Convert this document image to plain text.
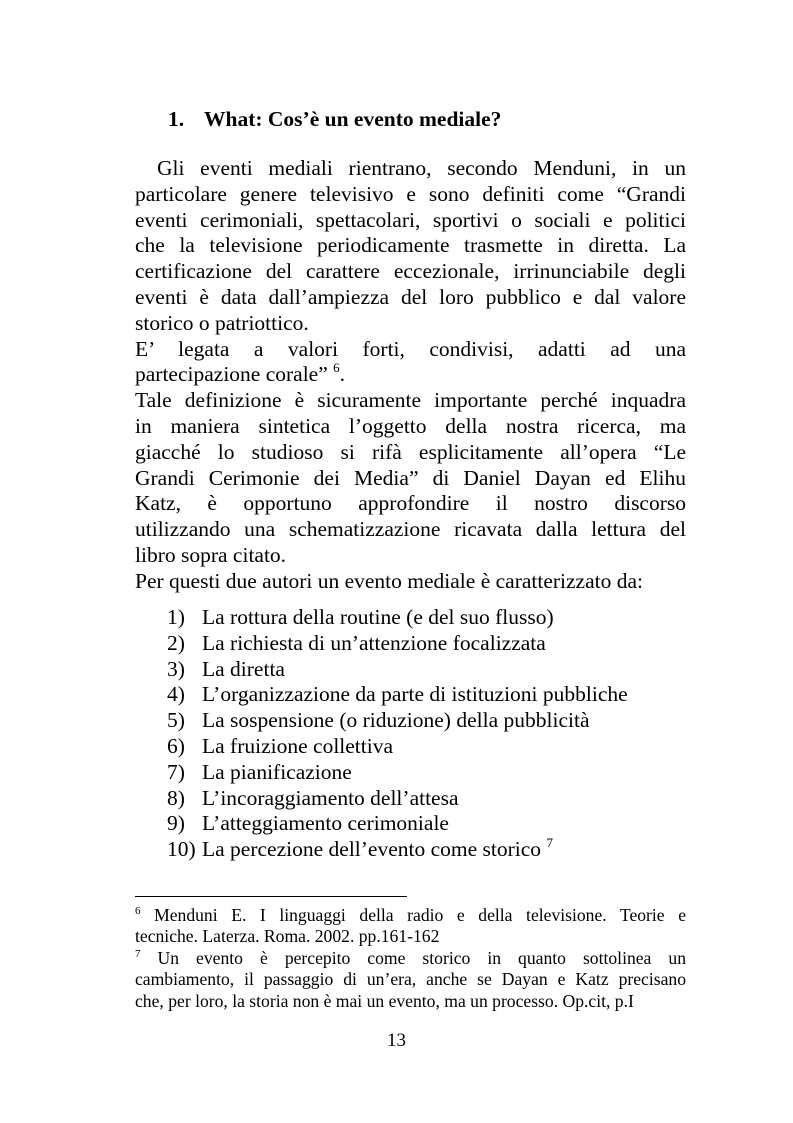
1. What: Cos’è un evento mediale?
Gli eventi mediali rientrano, secondo Menduni, in un
particolare genere televisivo e sono definiti come “Grandi
eventi cerimoniali, spettacolari, sportivi o sociali e politici
che la televisione periodicamente trasmette in diretta. La
certificazione del carattere eccezionale, irrinunciabile degli
eventi è data dall’ampiezza del loro pubblico e dal valore
storico o patriottico.
E’ legata a valori forti, condivisi, adatti ad una
partecipazione corale” $^6$.
Tale definizione è sicuramente importante perché inquadra
in maniera sintetica l’oggetto della nostra ricerca, ma
giacché lo studioso si rifà esplicitamente all’opera “Le
Grandi Cerimonie dei Media” di Daniel Dayan ed Elihu
Katz, è opportuno approfondire il nostro discorso
utilizzando una schematizzazione ricavata dalla lettura del
libro sopra citato.
Per questi due autori un evento mediale è caratterizzato da:
1) La rottura della routine (e del suo flusso)
2) La richiesta di un’attenzione focalizzata
3) La diretta
4) L’organizzazione da parte di istituzioni pubbliche
5) La sospensione (o riduzione) della pubblicità
6) La fruizione collettiva
7) La pianificazione
8) L’incoraggiamento dell’attesa
9) L’atteggiamento cerimoniale
10) La percezione dell’evento come storico $^7$
$^6$ Menduni E. I linguaggi della radio e della televisione. Teorie e
tecniche. Laterza. Roma. 2002. pp.161-162
$^7$ Un evento è percepito come storico in quanto sottolinea un
cambiamento, il passaggio di un’era, anche se Dayan e Katz precisano
che, per loro, la storia non è mai un evento, ma un processo. Op.cit, p.I
13
